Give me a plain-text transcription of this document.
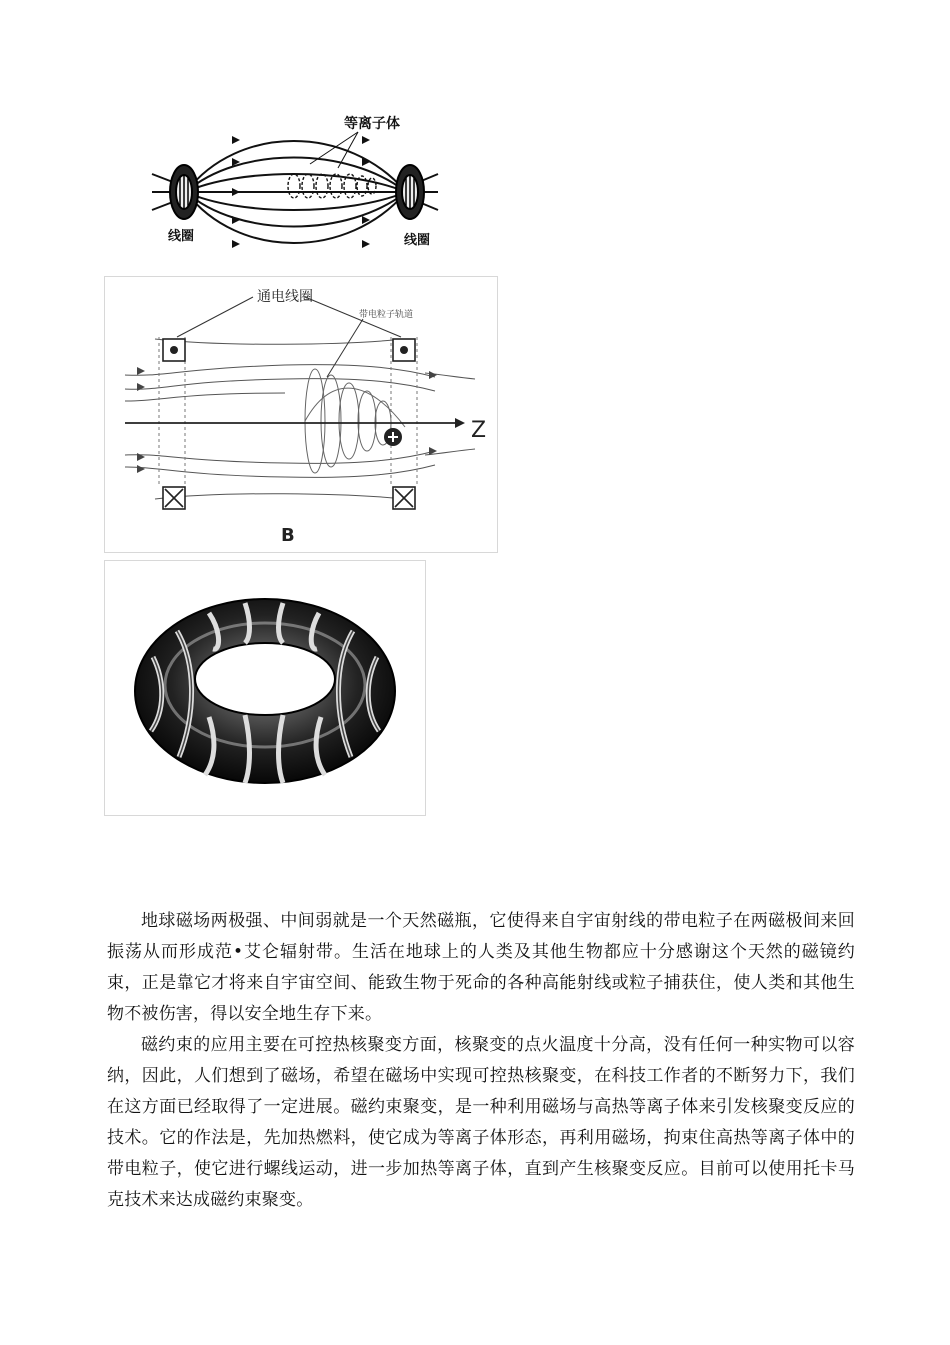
等离子体
线圈	线圈
通电线圈
带电粒子轨道
Z
B

地球磁场两极强、中间弱就是一个天然磁瓶，它使得来自宇宙射线的带电粒子在两磁极间来回振荡从而形成范•艾仑辐射带。生活在地球上的人类及其他生物都应十分感谢这个天然的磁镜约束，正是靠它才将来自宇宙空间、能致生物于死命的各种高能射线或粒子捕获住，使人类和其他生物不被伤害，得以安全地生存下来。

磁约束的应用主要在可控热核聚变方面，核聚变的点火温度十分高，没有任何一种实物可以容纳，因此，人们想到了磁场，希望在磁场中实现可控热核聚变，在科技工作者的不断努力下，我们在这方面已经取得了一定进展。磁约束聚变，是一种利用磁场与高热等离子体来引发核聚变反应的技术。它的作法是，先加热燃料，使它成为等离子体形态，再利用磁场，拘束住高热等离子体中的带电粒子，使它进行螺线运动，进一步加热等离子体，直到产生核聚变反应。目前可以使用托卡马克技术来达成磁约束聚变。
